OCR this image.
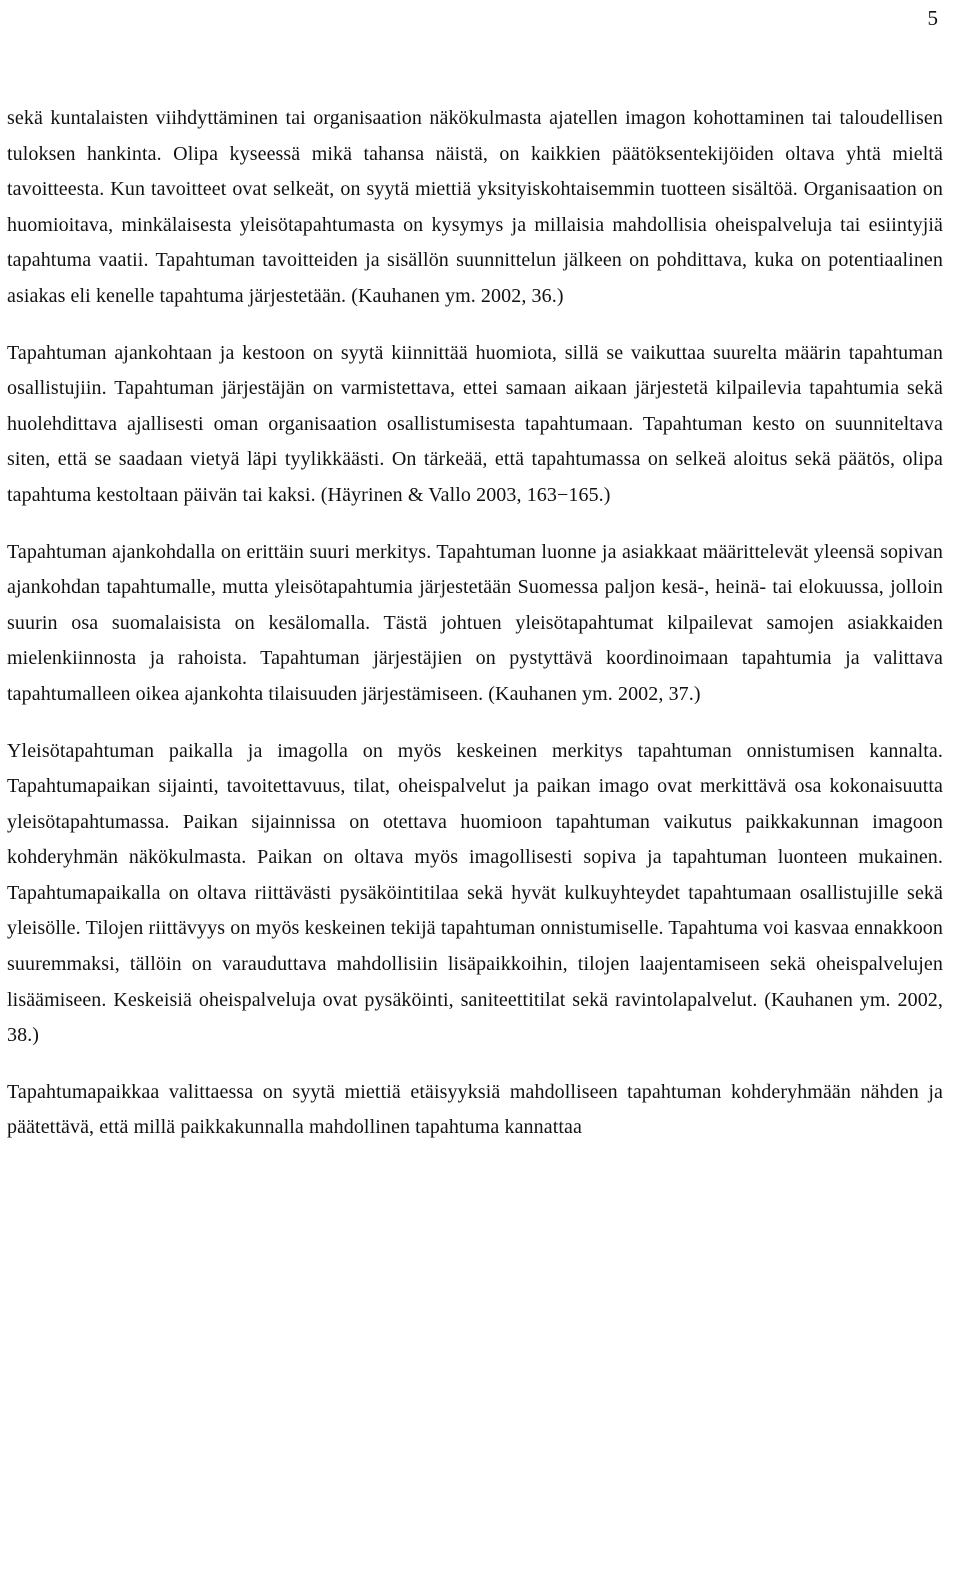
5

sekä kuntalaisten viihdyttäminen tai organisaation näkökulmasta ajatellen imagon kohottaminen tai taloudellisen tuloksen hankinta. Olipa kyseessä mikä tahansa näistä, on kaikkien päätöksentekijöiden oltava yhtä mieltä tavoitteesta. Kun tavoitteet ovat selkeät, on syytä miettiä yksityiskohtaisemmin tuotteen sisältöä. Organisaation on huomioitava, minkälaisesta yleisötapahtumasta on kysymys ja millaisia mahdollisia oheispalveluja tai esiintyjiä tapahtuma vaatii. Tapahtuman tavoitteiden ja sisällön suunnittelun jälkeen on pohdittava, kuka on potentiaalinen asiakas eli kenelle tapahtuma järjestetään. (Kauhanen ym. 2002, 36.)

Tapahtuman ajankohtaan ja kestoon on syytä kiinnittää huomiota, sillä se vaikuttaa suurelta määrin tapahtuman osallistujiin. Tapahtuman järjestäjän on varmistettava, ettei samaan aikaan järjestetä kilpailevia tapahtumia sekä huolehdittava ajallisesti oman organisaation osallistumisesta tapahtumaan. Tapahtuman kesto on suunniteltava siten, että se saadaan vietyä läpi tyylikkäästi. On tärkeää, että tapahtumassa on selkeä aloitus sekä päätös, olipa tapahtuma kestoltaan päivän tai kaksi. (Häyrinen & Vallo 2003, 163−165.)

Tapahtuman ajankohdalla on erittäin suuri merkitys. Tapahtuman luonne ja asiakkaat määrittelevät yleensä sopivan ajankohdan tapahtumalle, mutta yleisötapahtumia järjestetään Suomessa paljon kesä-, heinä- tai elokuussa, jolloin suurin osa suomalaisista on kesälomalla. Tästä johtuen yleisötapahtumat kilpailevat samojen asiakkaiden mielenkiinnosta ja rahoista. Tapahtuman järjestäjien on pystyttävä koordinoimaan tapahtumia ja valittava tapahtumalleen oikea ajankohta tilaisuuden järjestämiseen. (Kauhanen ym. 2002, 37.)

Yleisötapahtuman paikalla ja imagolla on myös keskeinen merkitys tapahtuman onnistumisen kannalta. Tapahtumapaikan sijainti, tavoitettavuus, tilat, oheispalvelut ja paikan imago ovat merkittävä osa kokonaisuutta yleisötapahtumassa. Paikan sijainnissa on otettava huomioon tapahtuman vaikutus paikkakunnan imagoon kohderyhmän näkökulmasta. Paikan on oltava myös imagollisesti sopiva ja tapahtuman luonteen mukainen. Tapahtumapaikalla on oltava riittävästi pysäköintitilaa sekä hyvät kulkuyhteydet tapahtumaan osallistujille sekä yleisölle. Tilojen riittävyys on myös keskeinen tekijä tapahtuman onnistumiselle. Tapahtuma voi kasvaa ennakkoon suuremmaksi, tällöin on varauduttava mahdollisiin lisäpaikkoihin, tilojen laajentamiseen sekä oheispalvelujen lisäämiseen. Keskeisiä oheispalveluja ovat pysäköinti, saniteettitilat sekä ravintolapalvelut. (Kauhanen ym. 2002, 38.)

Tapahtumapaikkaa valittaessa on syytä miettiä etäisyyksiä mahdolliseen tapahtuman kohderyhmään nähden ja päätettävä, että millä paikkakunnalla mahdollinen tapahtuma kannattaa
